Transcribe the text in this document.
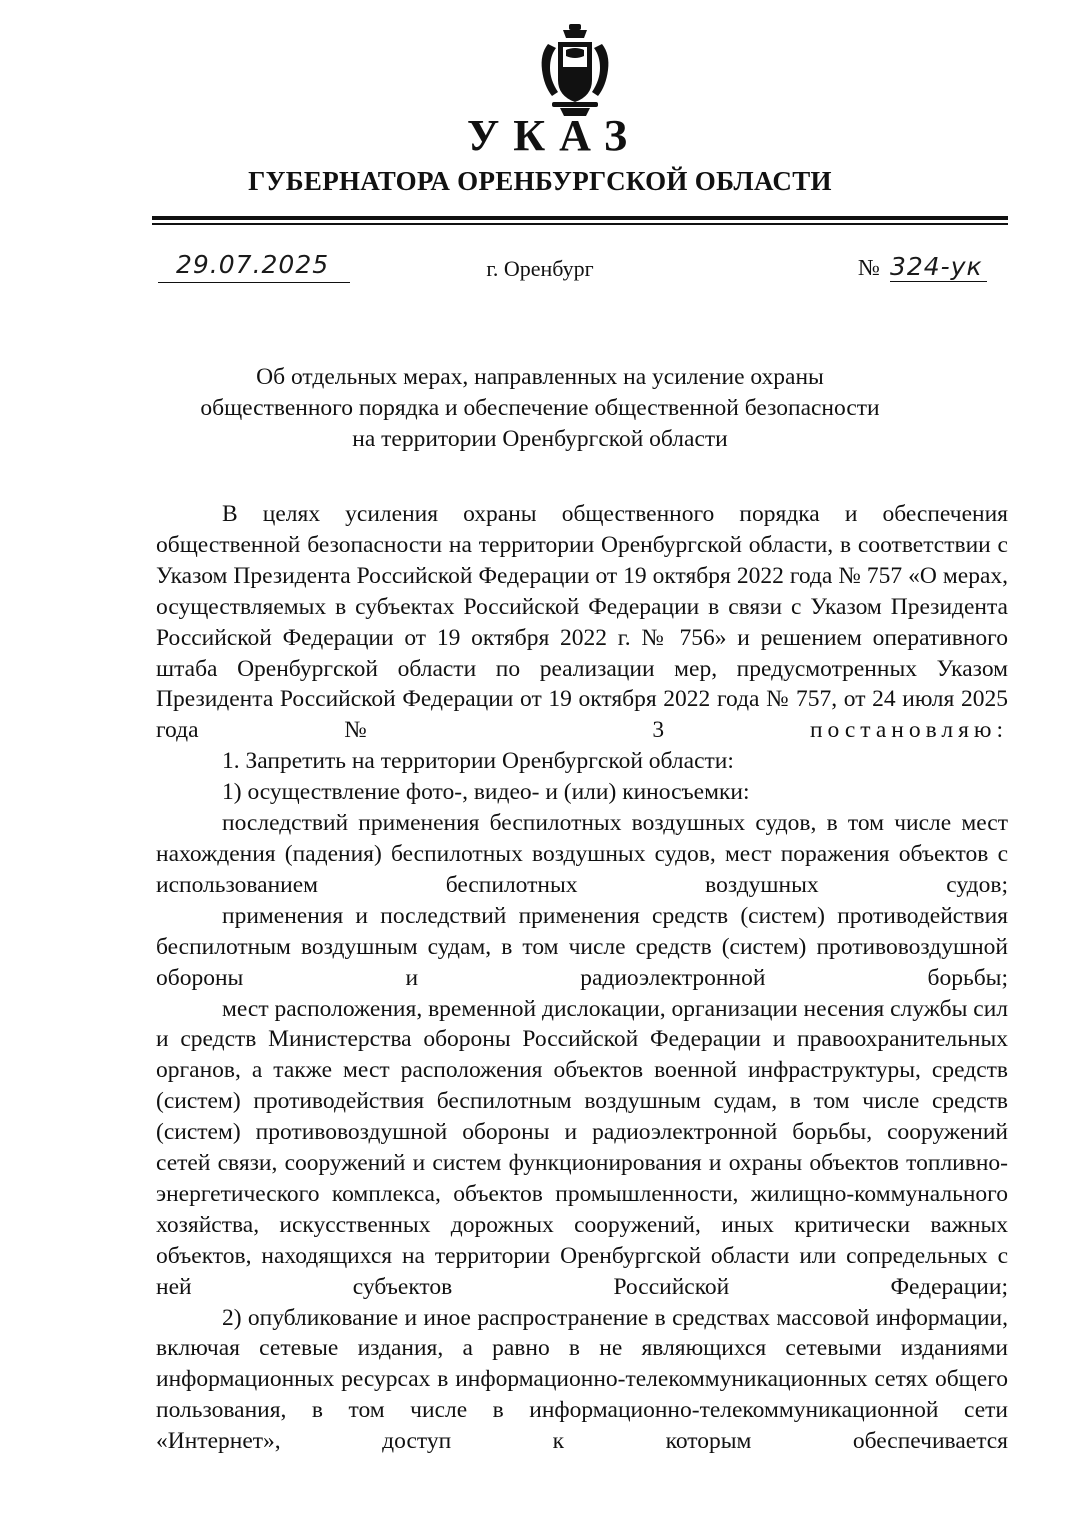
УКАЗ
ГУБЕРНАТОРА ОРЕНБУРГСКОЙ ОБЛАСТИ
29.07.2025	г. Оренбург	№ 324-ук
Об отдельных мерах, направленных на усиление охраны
общественного порядка и обеспечение общественной безопасности
на территории Оренбургской области

В целях усиления охраны общественного порядка и обеспечения общественной безопасности на территории Оренбургской области, в соответствии с Указом Президента Российской Федерации от 19 октября 2022 года № 757 «О мерах, осуществляемых в субъектах Российской Федерации в связи с Указом Президента Российской Федерации от 19 октября 2022 г. № 756» и решением оперативного штаба Оренбургской области по реализации мер, предусмотренных Указом Президента Российской Федерации от 19 октября 2022 года № 757, от 24 июля 2025 года № 3	постановляю:

1. Запретить на территории Оренбургской области:

1) осуществление фото-, видео- и (или) киносъемки:

последствий применения беспилотных воздушных судов, в том числе мест нахождения (падения) беспилотных воздушных судов, мест поражения объектов с использованием беспилотных воздушных судов;

применения и последствий применения средств (систем) противодействия беспилотным воздушным судам, в том числе средств (систем) противовоздушной обороны и радиоэлектронной борьбы;

мест расположения, временной дислокации, организации несения службы сил и средств Министерства обороны Российской Федерации и правоохранительных органов, а также мест расположения объектов военной инфраструктуры, средств (систем) противодействия беспилотным воздушным судам, в том числе средств (систем) противовоздушной обороны и радиоэлектронной борьбы, сооружений сетей связи, сооружений и систем функционирования и охраны объектов топливно-энергетического комплекса, объектов промышленности, жилищно-коммунального хозяйства, искусственных дорожных сооружений, иных критически важных объектов, находящихся на территории Оренбургской области или сопредельных с ней субъектов Российской Федерации;

2) опубликование и иное распространение в средствах массовой информации, включая сетевые издания, а равно в не являющихся сетевыми изданиями информационных ресурсах в информационно-телекоммуникационных сетях общего пользования, в том числе в информационно-телекоммуникационной сети «Интернет», доступ к которым обеспечивается
